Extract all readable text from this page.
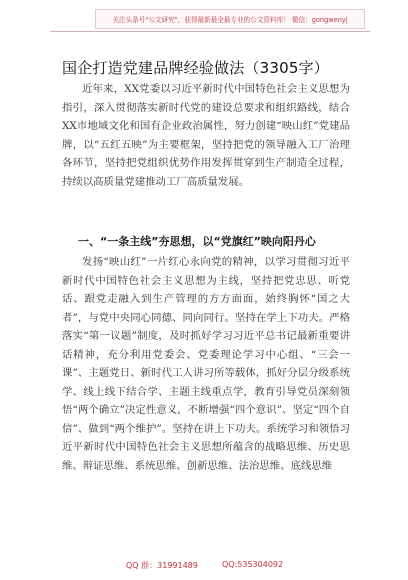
关注头条号"公文研究"，获得最新最全最专业的公文资料库！ 微信：gongwenyj
国企打造党建品牌经验做法（3305字）

近年来，XX党委以习近平新时代中国特色社会主义思想为指引，深入贯彻落实新时代党的建设总要求和组织路线，结合XX市地域文化和国有企业政治属性，努力创建“映山红”党建品牌，以“五红五映”为主要框架，坚持把党的领导融入工厂治理各环节，坚持把党组织优势作用发挥贯穿到生产制造全过程，持续以高质量党建推动工厂高质量发展。

一、“一条主线”夯思想，以“党旗红”映向阳丹心

发扬“映山红”一片红心永向党的精神，以学习贯彻习近平新时代中国特色社会主义思想为主线，坚持把党忠思、听党话、跟党走融入到生产管理的方方面面，始终胸怀“国之大者”，与党中央同心同德、同向同行。坚持在学上下功夫。严格落实“第一议题”制度，及时抓好学习习近平总书记最新重要讲话精神，充分利用党委会、党委理论学习中心组、“三会一课”、主题党日、新时代工人讲习所等载体，抓好分层分级系统学、线上线下结合学、主题主线重点学，教育引导党员深刻领悟“两个确立”决定性意义，不断增强“四个意识”、坚定“四个自信”、做到“两个维护”。坚持在讲上下功夫。系统学习和领悟习近平新时代中国特色社会主义思想所蕴含的战略思维、历史思维、辩证思维、系统思维、创新思维、法治思维、底线思维

QQ 群：31991489	QQ:535304092
